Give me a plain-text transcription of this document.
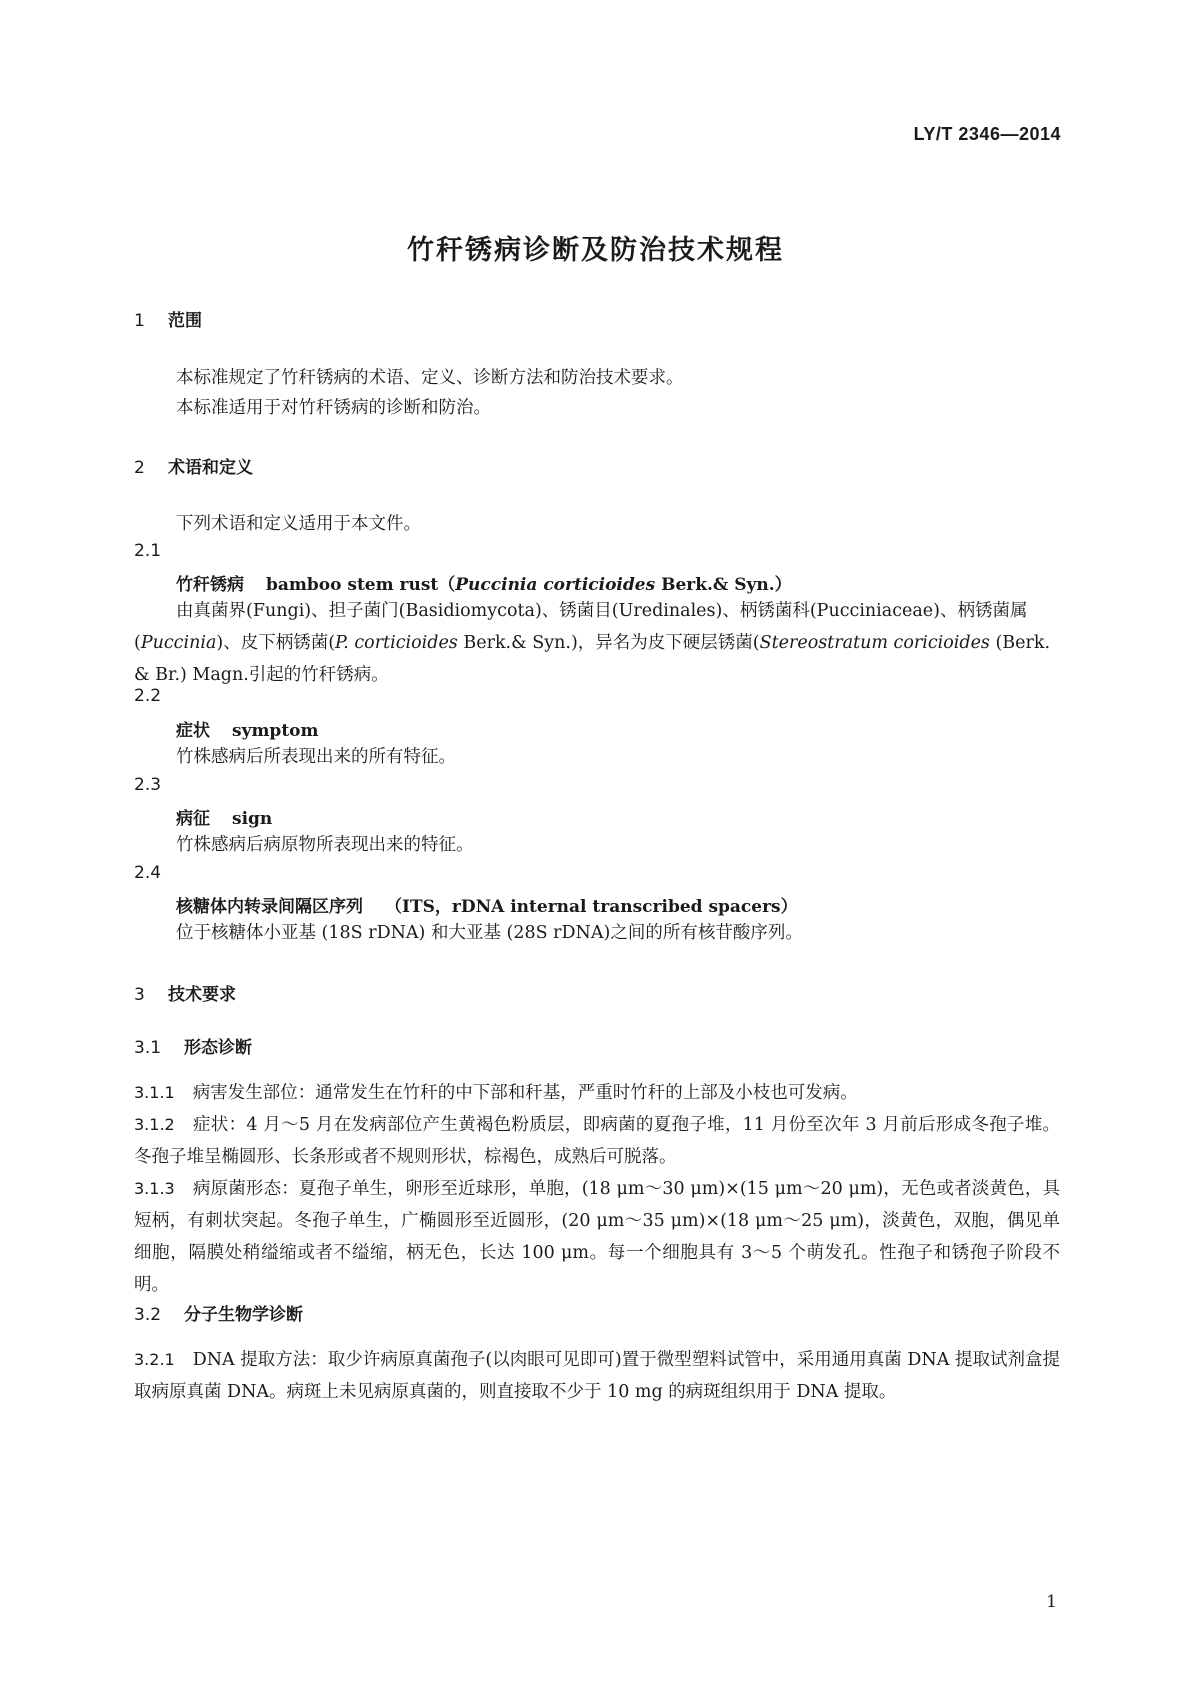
LY/T 2346—2014
竹秆锈病诊断及防治技术规程
1 范围
本标准规定了竹秆锈病的术语、定义、诊断方法和防治技术要求。
本标准适用于对竹秆锈病的诊断和防治。
2 术语和定义
下列术语和定义适用于本文件。
2.1
竹秆锈病 bamboo stem rust（Puccinia corticioides Berk.& Syn.）
由真菌界(Fungi)、担子菌门(Basidiomycota)、锈菌目(Uredinales)、柄锈菌科(Pucciniaceae)、柄锈菌属(Puccinia)、皮下柄锈菌(P. corticioides Berk.& Syn.)，异名为皮下硬层锈菌(Stereostratum coricioides (Berk. & Br.) Magn.引起的竹秆锈病。
2.2
症状 symptom
竹株感病后所表现出来的所有特征。
2.3
病征 sign
竹株感病后病原物所表现出来的特征。
2.4
核糖体内转录间隔区序列 （ITS，rDNA internal transcribed spacers）
位于核糖体小亚基 (18S rDNA) 和大亚基 (28S rDNA)之间的所有核苷酸序列。
3 技术要求
3.1 形态诊断
3.1.1 病害发生部位：通常发生在竹秆的中下部和秆基，严重时竹秆的上部及小枝也可发病。
3.1.2 症状：4 月～5 月在发病部位产生黄褐色粉质层，即病菌的夏孢子堆，11 月份至次年 3 月前后形成冬孢子堆。冬孢子堆呈椭圆形、长条形或者不规则形状，棕褐色，成熟后可脱落。
3.1.3 病原菌形态：夏孢子单生，卵形至近球形，单胞，(18 μm～30 μm)×(15 μm～20 μm)，无色或者淡黄色，具短柄，有刺状突起。冬孢子单生，广椭圆形至近圆形，(20 μm～35 μm)×(18 μm～25 μm)，淡黄色，双胞，偶见单细胞，隔膜处稍缢缩或者不缢缩，柄无色，长达 100 μm。每一个细胞具有 3～5 个萌发孔。性孢子和锈孢子阶段不明。
3.2 分子生物学诊断
3.2.1 DNA 提取方法：取少许病原真菌孢子(以肉眼可见即可)置于微型塑料试管中，采用通用真菌 DNA 提取试剂盒提取病原真菌 DNA。病斑上未见病原真菌的，则直接取不少于 10 mg 的病斑组织用于 DNA 提取。
1
